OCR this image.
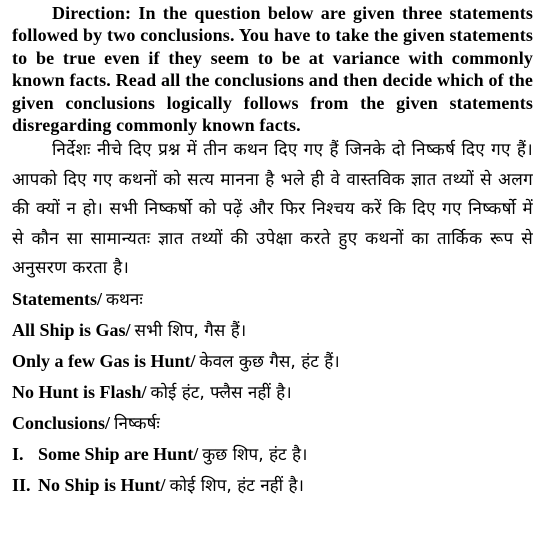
Direction: In the question below are given three statements followed by two conclusions. You have to take the given statements to be true even if they seem to be at variance with commonly known facts. Read all the conclusions and then decide which of the given conclusions logically follows from the given statements disregarding commonly known facts.

निर्देशः नीचे दिए प्रश्न में तीन कथन दिए गए हैं जिनके दो निष्कर्ष दिए गए हैं। आपको दिए गए कथनों को सत्य मानना है भले ही वे वास्तविक ज्ञात तथ्यों से अलग की क्यों न हो। सभी निष्कर्षो को पढ़ें और फिर निश्चय करें कि दिए गए निष्कर्षो में से कौन सा सामान्यतः ज्ञात तथ्यों की उपेक्षा करते हुए कथनों का तार्किक रूप से अनुसरण करता है।

Statements/ कथनः
All Ship is Gas/ सभी शिप, गैस हैं।
Only a few Gas is Hunt/ केवल कुछ गैस, हंट हैं।
No Hunt is Flash/ कोई हंट, फ्लैस नहीं है।
Conclusions/ निष्कर्षः
I. Some Ship are Hunt/ कुछ शिप, हंट है।
II. No Ship is Hunt/ कोई शिप, हंट नहीं है।
